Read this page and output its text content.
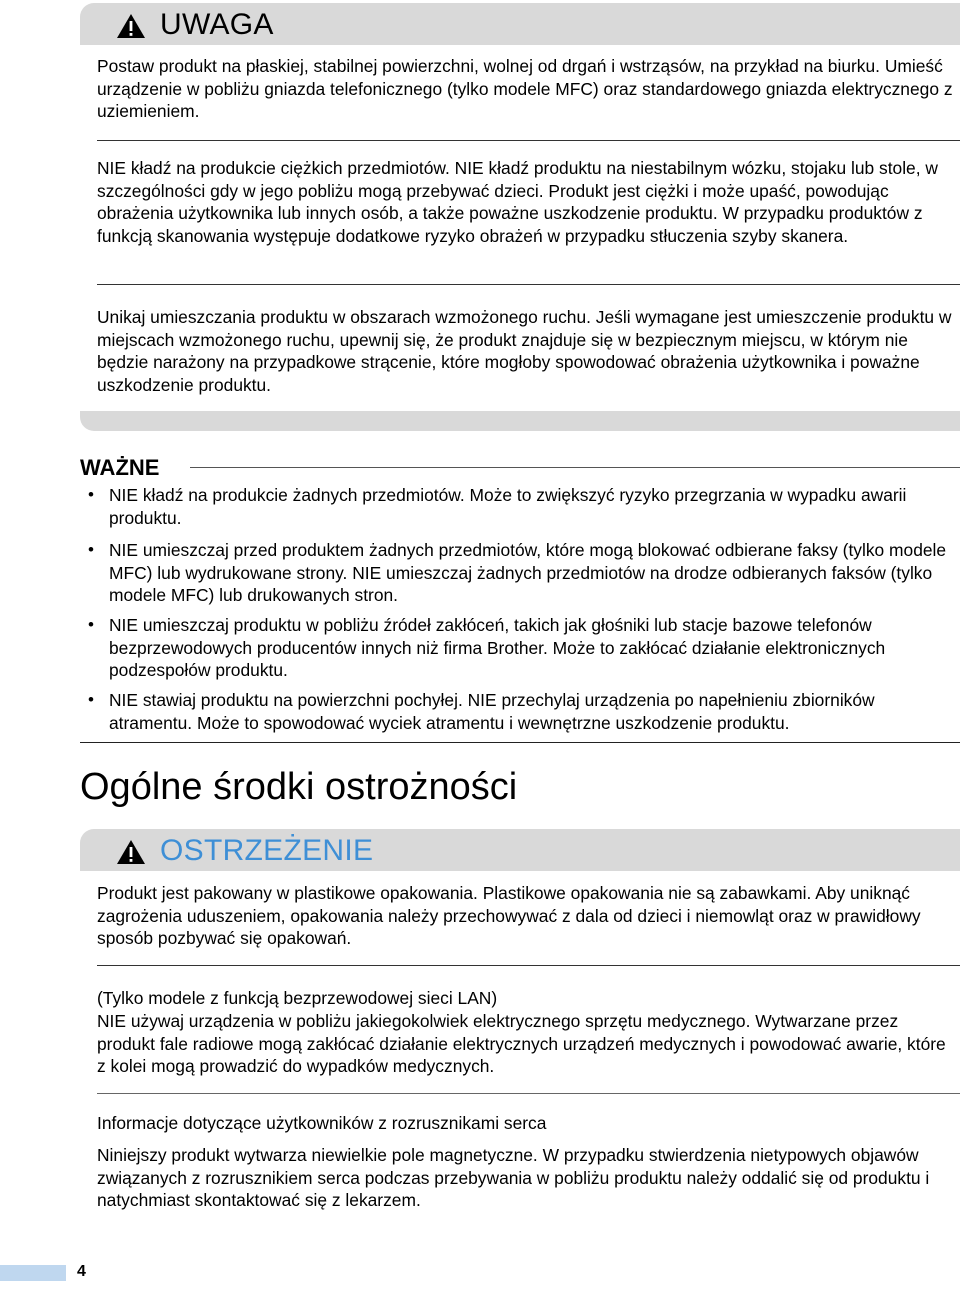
UWAGA

Postaw produkt na płaskiej, stabilnej powierzchni, wolnej od drgań i wstrząsów, na przykład na biurku. Umieść urządzenie w pobliżu gniazda telefonicznego (tylko modele MFC) oraz standardowego gniazda elektrycznego z uziemieniem.

NIE kładź na produkcie ciężkich przedmiotów. NIE kładź produktu na niestabilnym wózku, stojaku lub stole, w szczególności gdy w jego pobliżu mogą przebywać dzieci. Produkt jest ciężki i może upaść, powodując obrażenia użytkownika lub innych osób, a także poważne uszkodzenie produktu. W przypadku produktów z funkcją skanowania występuje dodatkowe ryzyko obrażeń w przypadku stłuczenia szyby skanera.

Unikaj umieszczania produktu w obszarach wzmożonego ruchu. Jeśli wymagane jest umieszczenie produktu w miejscach wzmożonego ruchu, upewnij się, że produkt znajduje się w bezpiecznym miejscu, w którym nie będzie narażony na przypadkowe strącenie, które mogłoby spowodować obrażenia użytkownika i poważne uszkodzenie produktu.

WAŻNE
• NIE kładź na produkcie żadnych przedmiotów. Może to zwiększyć ryzyko przegrzania w wypadku awarii produktu.

• NIE umieszczaj przed produktem żadnych przedmiotów, które mogą blokować odbierane faksy (tylko modele MFC) lub wydrukowane strony. NIE umieszczaj żadnych przedmiotów na drodze odbieranych faksów (tylko modele MFC) lub drukowanych stron.

• NIE umieszczaj produktu w pobliżu źródeł zakłóceń, takich jak głośniki lub stacje bazowe telefonów bezprzewodowych producentów innych niż firma Brother. Może to zakłócać działanie elektronicznych podzespołów produktu.

• NIE stawiaj produktu na powierzchni pochyłej. NIE przechylaj urządzenia po napełnieniu zbiorników atramentu. Może to spowodować wyciek atramentu i wewnętrzne uszkodzenie produktu.

Ogólne środki ostrożności
OSTRZEŻENIE

Produkt jest pakowany w plastikowe opakowania. Plastikowe opakowania nie są zabawkami. Aby uniknąć zagrożenia uduszeniem, opakowania należy przechowywać z dala od dzieci i niemowląt oraz w prawidłowy sposób pozbywać się opakowań.

(Tylko modele z funkcją bezprzewodowej sieci LAN)

NIE używaj urządzenia w pobliżu jakiegokolwiek elektrycznego sprzętu medycznego. Wytwarzane przez produkt fale radiowe mogą zakłócać działanie elektrycznych urządzeń medycznych i powodować awarie, które z kolei mogą prowadzić do wypadków medycznych.

Informacje dotyczące użytkowników z rozrusznikami serca

Niniejszy produkt wytwarza niewielkie pole magnetyczne. W przypadku stwierdzenia nietypowych objawów związanych z rozrusznikiem serca podczas przebywania w pobliżu produktu należy oddalić się od produktu i natychmiast skontaktować się z lekarzem.

4
